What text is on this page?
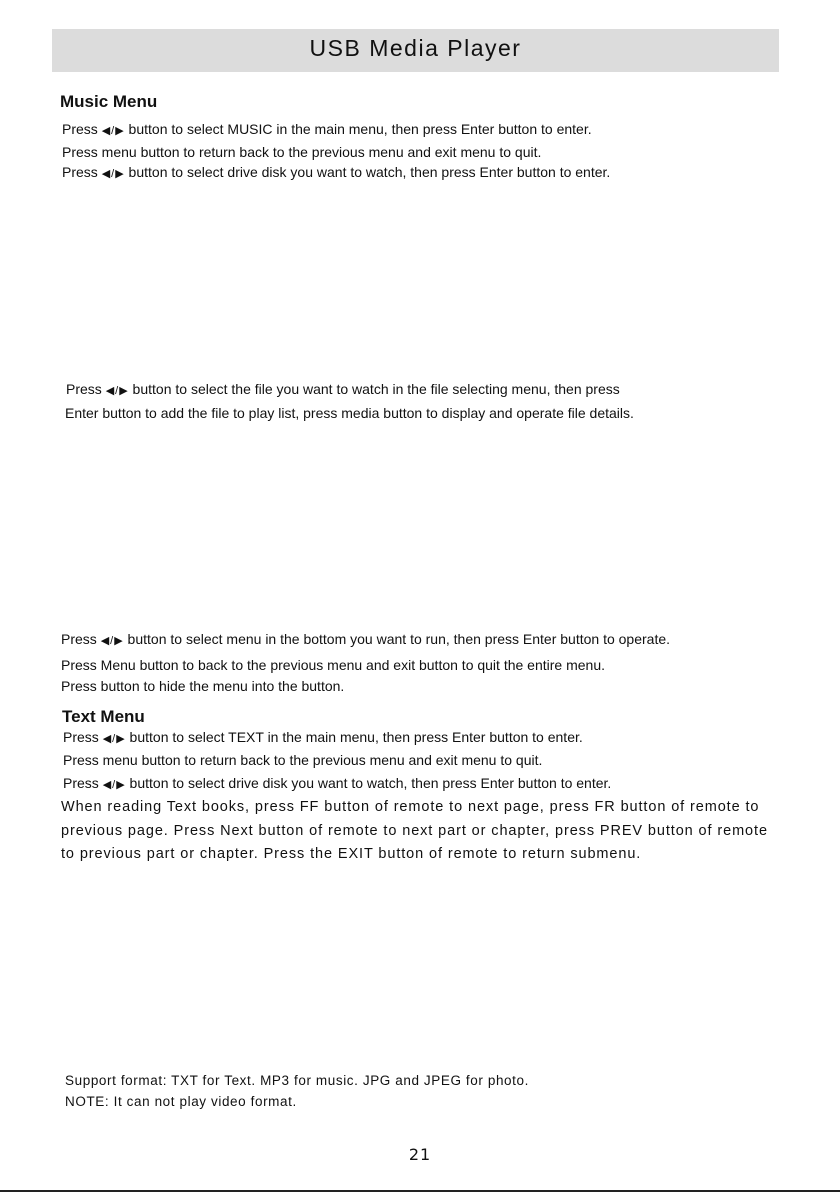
USB Media Player
Music Menu
Press ◀/▶ button to select MUSIC in the main menu, then press Enter button to enter.
Press menu button to return back to the previous menu and exit menu to quit.
Press ◀/▶ button to select drive disk you want to watch, then press Enter button to enter.
Press ◀/▶ button to select the file you want to watch in the file selecting menu, then press
Enter button to add the file to play list, press media button to display and operate file details.
Press ◀/▶ button to select menu in the bottom you want to run, then press Enter button to operate.
Press Menu button to back to the previous menu and exit button to quit the entire menu.
Press button to hide the menu into the button.
Text Menu
Press ◀/▶ button to select TEXT in the main menu, then press Enter button to enter.
Press menu button to return back to the previous menu and exit menu to quit.
Press ◀/▶ button to select drive disk you want to watch, then press Enter button to enter.
When reading Text books, press FF button of remote to next page, press FR button of remote to
previous page. Press Next button of remote to next part or chapter, press PREV button of remote
to previous part or chapter. Press the EXIT button of remote to return submenu.
Support format: TXT for Text. MP3 for music. JPG and JPEG for photo.
NOTE: It can not play video format.
21
